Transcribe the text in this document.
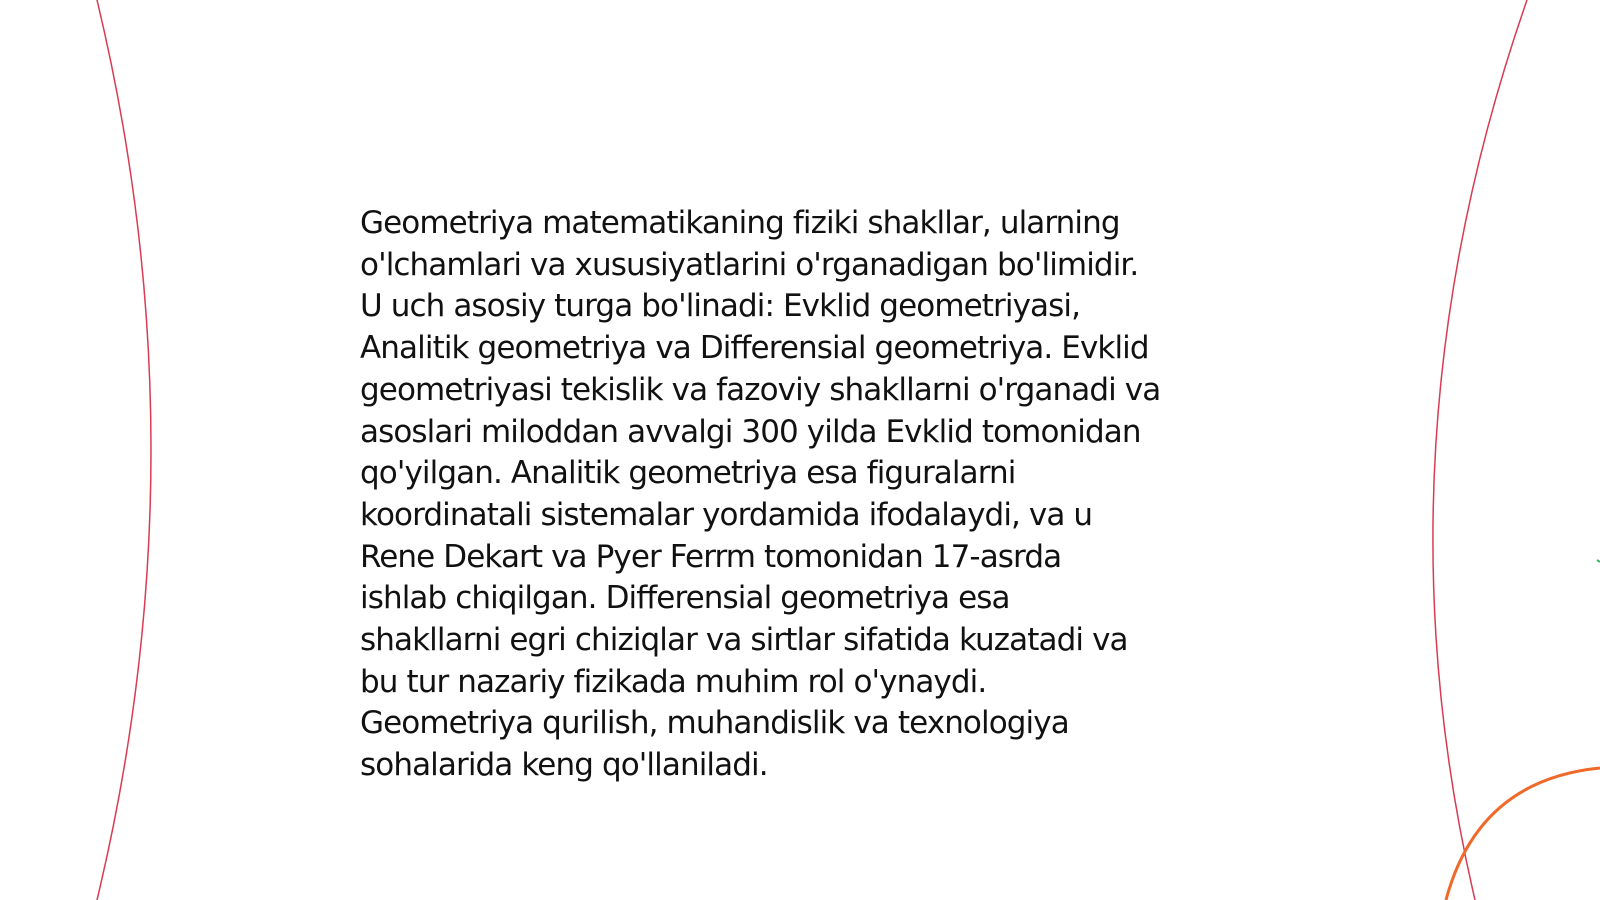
Geometriya matematikaning fiziki shakllar, ularning
o'lchamlari va xususiyatlarini o'rganadigan bo'limidir.
U uch asosiy turga bo'linadi: Evklid geometriyasi,
Analitik geometriya va Differensial geometriya. Evklid
geometriyasi tekislik va fazoviy shakllarni o'rganadi va
asoslari miloddan avvalgi 300 yilda Evklid tomonidan
qo'yilgan. Analitik geometriya esa figuralarni
koordinatali sistemalar yordamida ifodalaydi, va u
Rene Dekart va Pyer Ferrm tomonidan 17-asrda
ishlab chiqilgan. Differensial geometriya esa
shakllarni egri chiziqlar va sirtlar sifatida kuzatadi va
bu tur nazariy fizikada muhim rol o'ynaydi.
Geometriya qurilish, muhandislik va texnologiya
sohalarida keng qo'llaniladi.
